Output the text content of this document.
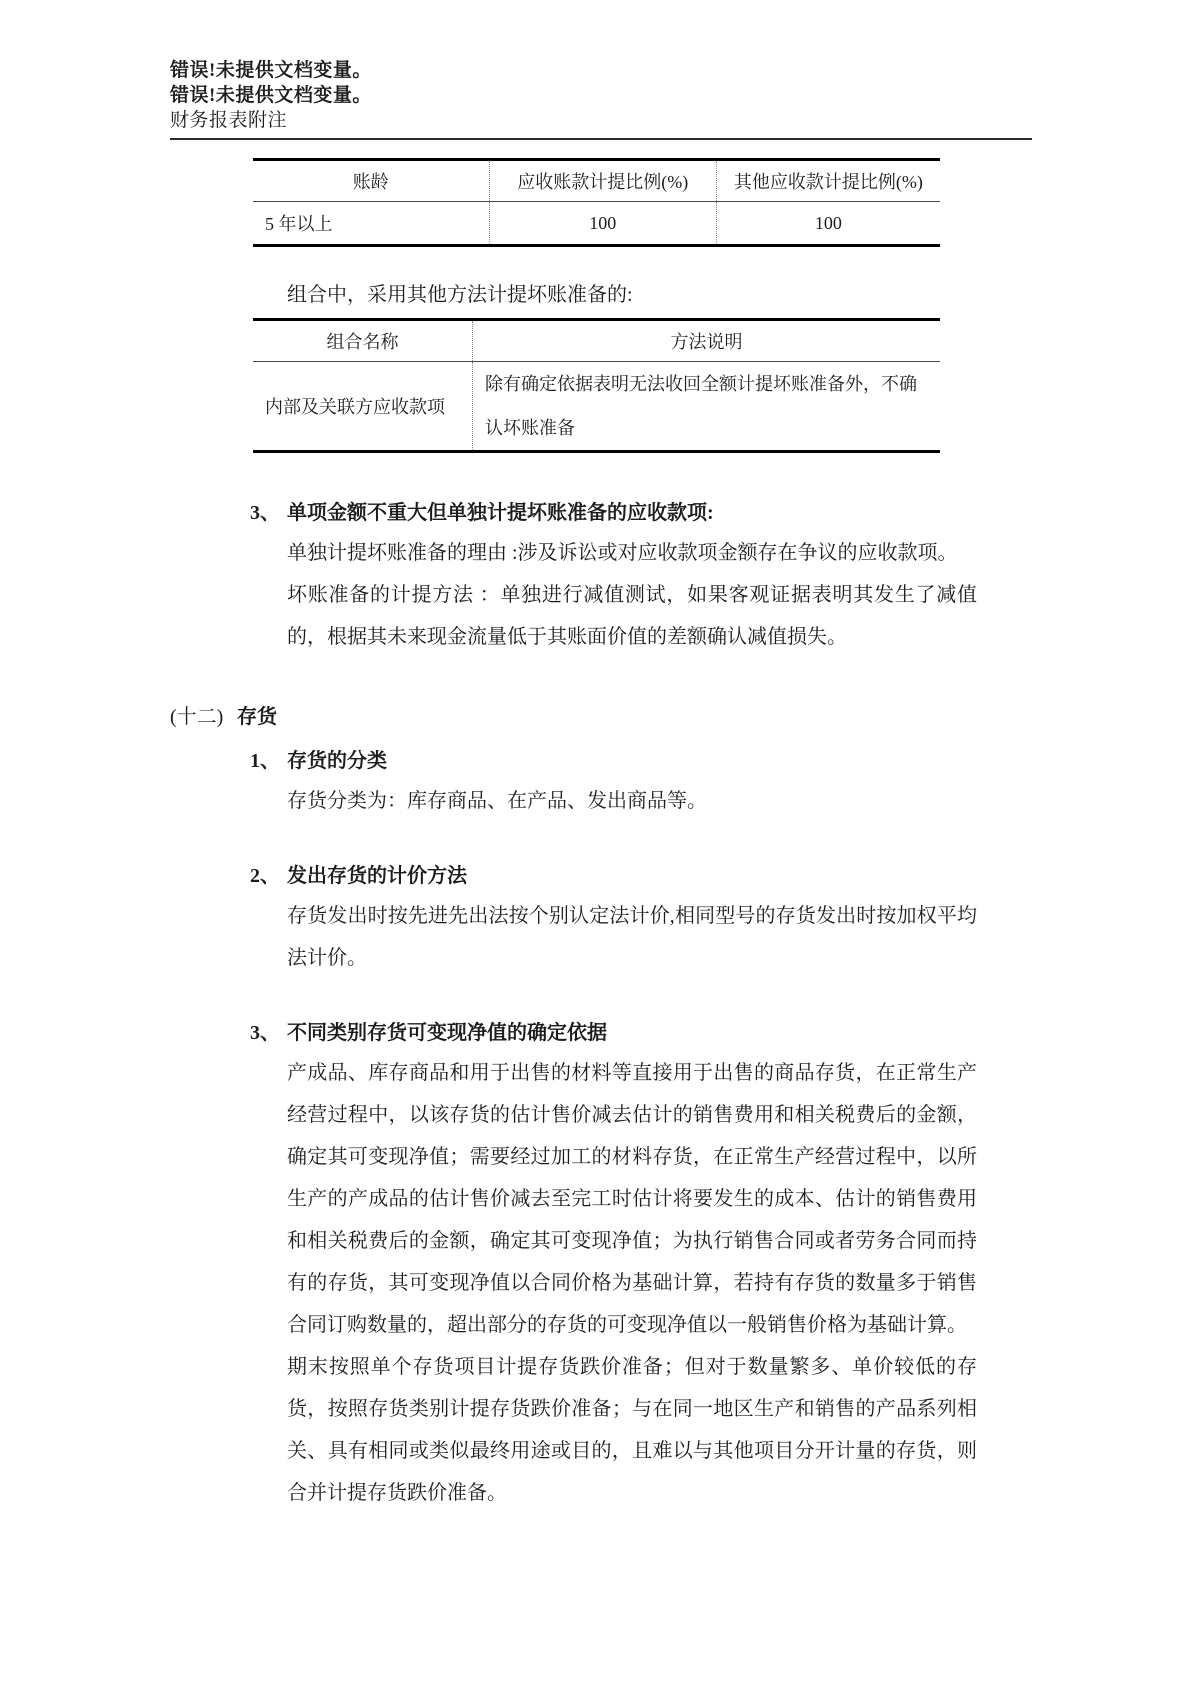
错误!未提供文档变量。
错误!未提供文档变量。
财务报表附注
账龄	应收账款计提比例(%)	其他应收款计提比例(%)
5 年以上	100	100
组合中，采用其他方法计提坏账准备的:
组合名称	方法说明
内部及关联方应收款项	除有确定依据表明无法收回全额计提坏账准备外，不确认坏账准备
3、 单项金额不重大但单独计提坏账准备的应收款项:

单独计提坏账准备的理由 :涉及诉讼或对应收款项金额存在争议的应收款项。

坏账准备的计提方法 ：单独进行减值测试，如果客观证据表明其发生了减值的，根据其未来现金流量低于其账面价值的差额确认减值损失。

(十二) 存货
1、 存货的分类

存货分类为：库存商品、在产品、发出商品等。

2、 发出存货的计价方法

存货发出时按先进先出法按个别认定法计价,相同型号的存货发出时按加权平均法计价。

3、 不同类别存货可变现净值的确定依据

产成品、库存商品和用于出售的材料等直接用于出售的商品存货，在正常生产经营过程中，以该存货的估计售价减去估计的销售费用和相关税费后的金额，确定其可变现净值；需要经过加工的材料存货，在正常生产经营过程中，以所生产的产成品的估计售价减去至完工时估计将要发生的成本、估计的销售费用和相关税费后的金额，确定其可变现净值；为执行销售合同或者劳务合同而持有的存货，其可变现净值以合同价格为基础计算，若持有存货的数量多于销售合同订购数量的，超出部分的存货的可变现净值以一般销售价格为基础计算。

期末按照单个存货项目计提存货跌价准备；但对于数量繁多、单价较低的存货，按照存货类别计提存货跌价准备；与在同一地区生产和销售的产品系列相关、具有相同或类似最终用途或目的，且难以与其他项目分开计量的存货，则合并计提存货跌价准备。
